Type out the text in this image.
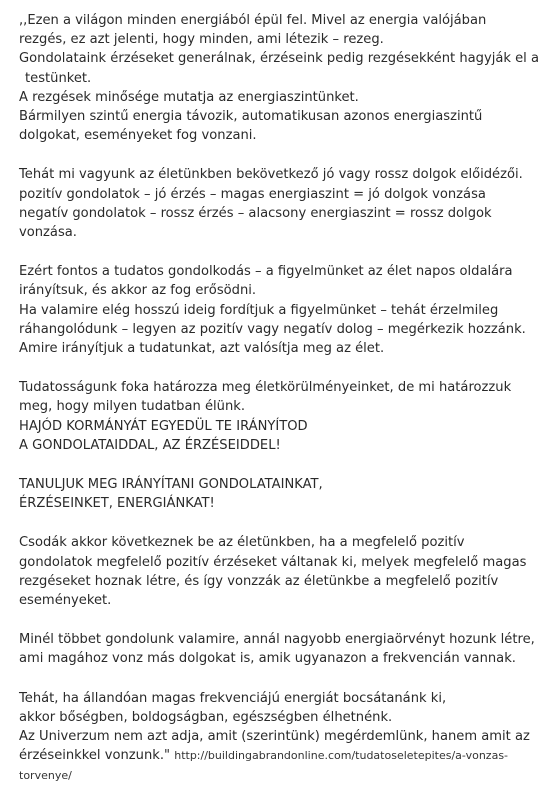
,,Ezen a világon minden energiából épül fel. Mivel az energia valójában
rezgés, ez azt jelenti, hogy minden, ami létezik – rezeg.
Gondolataink érzéseket generálnak, érzéseink pedig rezgésekként hagyják el a
testünket.
A rezgések minősége mutatja az energiaszintünket.
Bármilyen szintű energia távozik, automatikusan azonos energiaszintű
dolgokat, eseményeket fog vonzani.
Tehát mi vagyunk az életünkben bekövetkező jó vagy rossz dolgok előidézői.
pozitív gondolatok – jó érzés – magas energiaszint = jó dolgok vonzása
negatív gondolatok – rossz érzés – alacsony energiaszint = rossz dolgok
vonzása.
Ezért fontos a tudatos gondolkodás – a figyelmünket az élet napos oldalára
irányítsuk, és akkor az fog erősödni.
Ha valamire elég hosszú ideig fordítjuk a figyelmünket – tehát érzelmileg
ráhangolódunk – legyen az pozitív vagy negatív dolog – megérkezik hozzánk.
Amire irányítjuk a tudatunkat, azt valósítja meg az élet.
Tudatosságunk foka határozza meg életkörülményeinket, de mi határozzuk
meg, hogy milyen tudatban élünk.
HAJÓD KORMÁNYÁT EGYEDÜL TE IRÁNYÍTOD
A GONDOLATAIDDAL, AZ ÉRZÉSEIDDEL!
TANULJUK MEG IRÁNYÍTANI GONDOLATAINKAT,
ÉRZÉSEINKET, ENERGIÁNKAT!
Csodák akkor következnek be az életünkben, ha a megfelelő pozitív
gondolatok megfelelő pozitív érzéseket váltanak ki, melyek megfelelő magas
rezgéseket hoznak létre, és így vonzzák az életünkbe a megfelelő pozitív
eseményeket.
Minél többet gondolunk valamire, annál nagyobb energiaörvényt hozunk létre,
ami magához vonz más dolgokat is, amik ugyanazon a frekvencián vannak.
Tehát, ha állandóan magas frekvenciájú energiát bocsátanánk ki,
akkor bőségben, boldogságban, egészségben élhetnénk.
Az Univerzum nem azt adja, amit (szerintünk) megérdemlünk, hanem amit az
érzéseinkkel vonzunk." http://buildingabrandonline.com/tudatoseletepites/a-vonzas-
torvenye/
